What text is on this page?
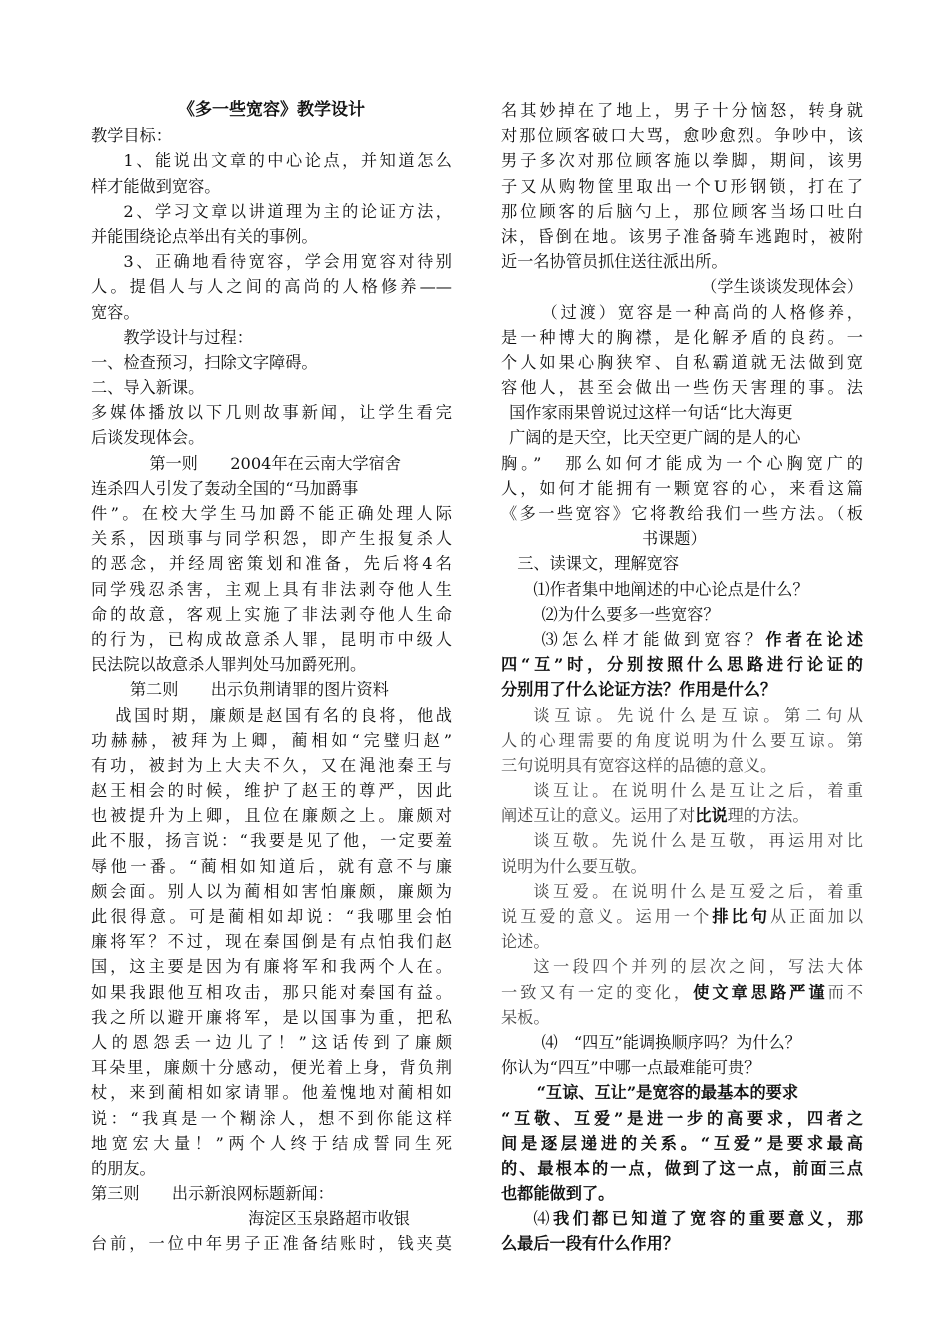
《多一些宽容》教学设计
教学目标：
1、能说出文章的中心论点，并知道怎么
样才能做到宽容。
2、学习文章以讲道理为主的论证方法，
并能围绕论点举出有关的事例。
3、正确地看待宽容，学会用宽容对待别
人。提倡人与人之间的高尚的人格修养——
宽容。
教学设计与过程：
一、检查预习，扫除文字障碍。
二、导入新课。
多媒体播放以下几则故事新闻，让学生看完
后谈发现体会。
第一则　　2004年在云南大学宿舍
连杀四人引发了轰动全国的“马加爵事
件”。在校大学生马加爵不能正确处理人际
关系，因琐事与同学积怨，即产生报复杀人
的恶念，并经周密策划和准备，先后将4名
同学残忍杀害，主观上具有非法剥夺他人生
命的故意，客观上实施了非法剥夺他人生命
的行为，已构成故意杀人罪，昆明市中级人
民法院以故意杀人罪判处马加爵死刑。
第二则　　出示负荆请罪的图片资料
战国时期，廉颇是赵国有名的良将，他战
功赫赫，被拜为上卿，蔺相如“完璧归赵”
有功，被封为上大夫不久，又在渑池秦王与
赵王相会的时候，维护了赵王的尊严，因此
也被提升为上卿，且位在廉颇之上。廉颇对
此不服，扬言说：“我要是见了他，一定要羞
辱他一番。“蔺相如知道后，就有意不与廉
颇会面。别人以为蔺相如害怕廉颇，廉颇为
此很得意。可是蔺相如却说：“我哪里会怕
廉将军？不过，现在秦国倒是有点怕我们赵
国，这主要是因为有廉将军和我两个人在。
如果我跟他互相攻击，那只能对秦国有益。
我之所以避开廉将军，是以国事为重，把私
人的恩怨丢一边儿了！”这话传到了廉颇
耳朵里，廉颇十分感动，便光着上身，背负荆
杖，来到蔺相如家请罪。他羞愧地对蔺相如
说：“我真是一个糊涂人，想不到你能这样
地宽宏大量！”两个人终于结成誓同生死
的朋友。
第三则　　出示新浪网标题新闻：
海淀区玉泉路超市收银
台前，一位中年男子正准备结账时，钱夹莫
名其妙掉在了地上，男子十分恼怒，转身就
对那位顾客破口大骂，愈吵愈烈。争吵中，该
男子多次对那位顾客施以拳脚，期间，该男
子又从购物筐里取出一个U形钢锁，打在了
那位顾客的后脑勺上，那位顾客当场口吐白
沫，昏倒在地。该男子准备骑车逃跑时，被附
近一名协管员抓住送往派出所。
（学生谈谈发现体会）
（过渡）宽容是一种高尚的人格修养，
是一种博大的胸襟，是化解矛盾的良药。一
个人如果心胸狭窄、自私霸道就无法做到宽
容他人，甚至会做出一些伤天害理的事。法
国作家雨果曾说过这样一句话“比大海更
广阔的是天空，比天空更广阔的是人的心
胸。”　那么如何才能成为一个心胸宽广的
人，如何才能拥有一颗宽容的心，来看这篇
《多一些宽容》它将教给我们一些方法。（板
书课题）
三、读课文，理解宽容
⑴作者集中地阐述的中心论点是什么？
⑵为什么要多一些宽容？
⑶怎么样才能做到宽容？作者在论述
四“互”时，分别按照什么思路进行论证的
分别用了什么论证方法？作用是什么？
谈互谅。先说什么是互谅。第二句从
人的心理需要的角度说明为什么要互谅。第
三句说明具有宽容这样的品德的意义。
谈互让。在说明什么是互让之后，着重
阐述互让的意义。运用了对比说理的方法。
谈互敬。先说什么是互敬，再运用对比
说明为什么要互敬。
谈互爱。在说明什么是互爱之后，着重
说互爱的意义。运用一个排比句从正面加以
论述。
这一段四个并列的层次之间，写法大体
一致又有一定的变化，使文章思路严谨而不
呆板。
⑷　“四互”能调换顺序吗？为什么？
你认为“四互”中哪一点最难能可贵？
“互谅、互让”是宽容的最基本的要求
“互敬、互爱”是进一步的高要求，四者之
间是逐层递进的关系。“互爱”是要求最高
的、最根本的一点，做到了这一点，前面三点
也都能做到了。
⑷我们都已知道了宽容的重要意义，那
么最后一段有什么作用？
